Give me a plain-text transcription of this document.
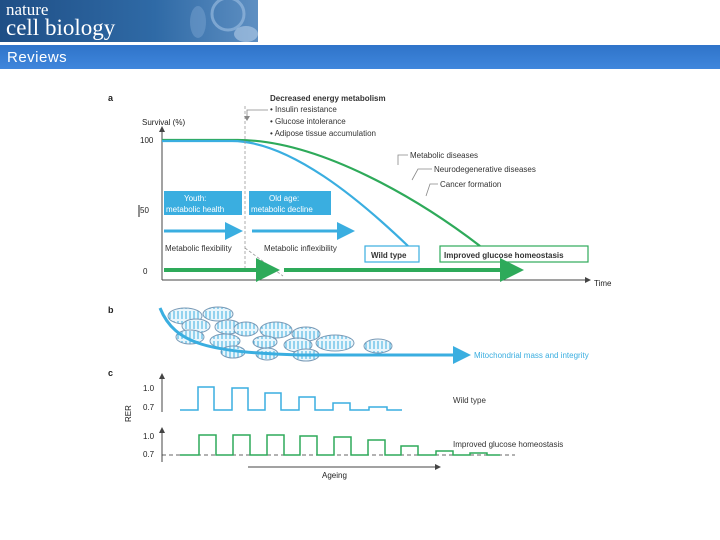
nature
cell biology
Reviews
a
Survival (%)
100
50
0
Time
Decreased energy metabolism
• Insulin resistance
• Glucose intolerance
• Adipose tissue accumulation
Metabolic diseases
Neurodegenerative diseases
Cancer formation
Youth:
metabolic health
Old age:
metabolic decline
Metabolic flexibility	Metabolic inflexibility
Wild type	Improved glucose homeostasis
b
Mitochondrial mass and integrity
c
RER
1.0
0.7
1.0
0.7
Wild type
Improved glucose homeostasis
Ageing
